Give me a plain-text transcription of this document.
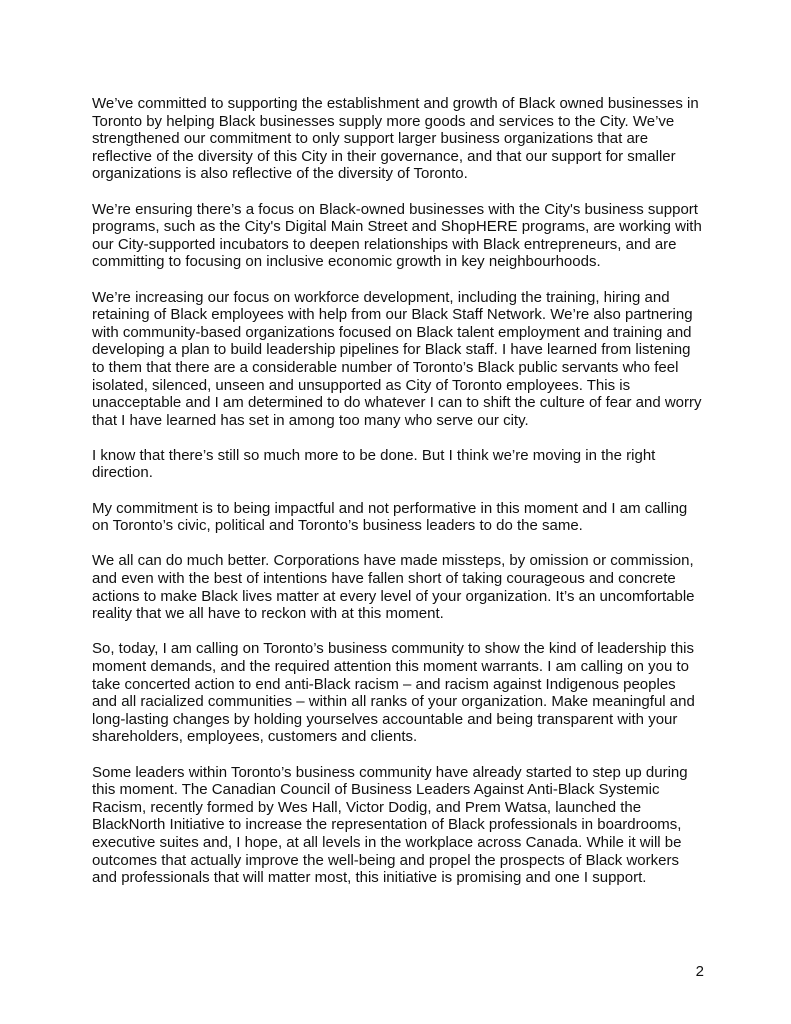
We’ve committed to supporting the establishment and growth of Black owned businesses in Toronto by helping Black businesses supply more goods and services to the City. We’ve strengthened our commitment to only support larger business organizations that are reflective of the diversity of this City in their governance, and that our support for smaller organizations is also reflective of the diversity of Toronto.

We’re ensuring there’s a focus on Black-owned businesses with the City's business support programs, such as the City's Digital Main Street and ShopHERE programs, are working with our City-supported incubators to deepen relationships with Black entrepreneurs, and are committing to focusing on inclusive economic growth in key neighbourhoods.

We’re increasing our focus on workforce development, including the training, hiring and retaining of Black employees with help from our Black Staff Network. We’re also partnering with community-based organizations focused on Black talent employment and training and developing a plan to build leadership pipelines for Black staff. I have learned from listening to them that there are a considerable number of Toronto’s Black public servants who feel isolated, silenced, unseen and unsupported as City of Toronto employees. This is unacceptable and I am determined to do whatever I can to shift the culture of fear and worry that I have learned has set in among too many who serve our city.

I know that there’s still so much more to be done. But I think we’re moving in the right direction.

My commitment is to being impactful and not performative in this moment and I am calling on Toronto’s civic, political and Toronto’s business leaders to do the same.

We all can do much better. Corporations have made missteps, by omission or commission, and even with the best of intentions have fallen short of taking courageous and concrete actions to make Black lives matter at every level of your organization. It’s an uncomfortable reality that we all have to reckon with at this moment.

So, today, I am calling on Toronto’s business community to show the kind of leadership this moment demands, and the required attention this moment warrants. I am calling on you to take concerted action to end anti-Black racism – and racism against Indigenous peoples and all racialized communities – within all ranks of your organization. Make meaningful and long-lasting changes by holding yourselves accountable and being transparent with your shareholders, employees, customers and clients.

Some leaders within Toronto’s business community have already started to step up during this moment. The Canadian Council of Business Leaders Against Anti-Black Systemic Racism, recently formed by Wes Hall, Victor Dodig, and Prem Watsa, launched the BlackNorth Initiative to increase the representation of Black professionals in boardrooms, executive suites and, I hope, at all levels in the workplace across Canada. While it will be outcomes that actually improve the well-being and propel the prospects of Black workers and professionals that will matter most, this initiative is promising and one I support.

2
